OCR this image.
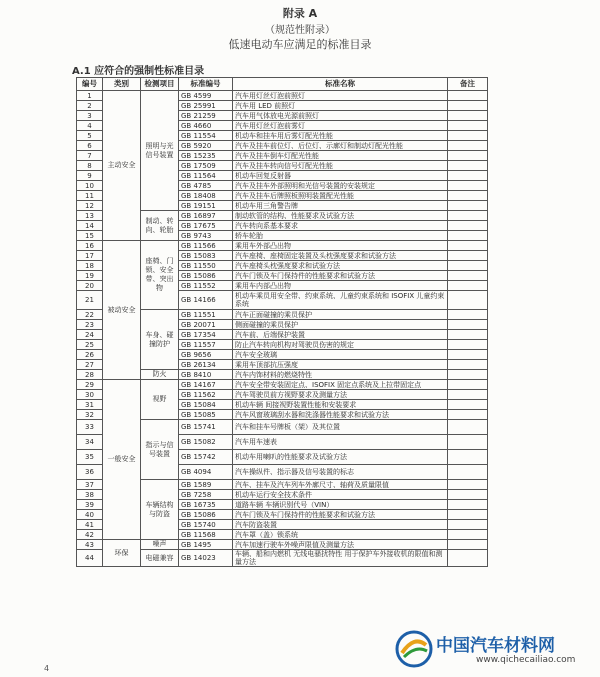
附录 A
（规范性附录）
低速电动车应满足的标准目录
A.1 应符合的强制性标准目录
编号	类别	检测项目	标准编号	标准名称	备注
1	主动安全	照明与光信号装置	GB 4599	汽车用灯丝灯泡前照灯	
2			GB 25991	汽车用 LED 前照灯	
3			GB 21259	汽车用气体放电光源前照灯	
4			GB 4660	汽车用灯丝灯泡前雾灯	
5			GB 11554	机动车和挂车用后雾灯配光性能	
6			GB 5920	汽车及挂车前位灯、后位灯、示廓灯和制动灯配光性能	
7			GB 15235	汽车及挂车倒车灯配光性能	
8			GB 17509	汽车及挂车转向信号灯配光性能	
9			GB 11564	机动车回复反射器	
10			GB 4785	汽车及挂车外部照明和光信号装置的安装规定	
11			GB 18408	汽车及挂车后牌照板照明装置配光性能	
12			GB 19151	机动车用三角警告牌	
13		制动、转向、轮胎	GB 16897	制动软管的结构、性能要求及试验方法	
14			GB 17675	汽车转向系基本要求	
15			GB 9743	轿车轮胎	
16	被动安全	座椅、门锁、安全带、突出物	GB 11566	乘用车外部凸出物	
17			GB 15083	汽车座椅、座椅固定装置及头枕强度要求和试验方法	
18			GB 11550	汽车座椅头枕强度要求和试验方法	
19			GB 15086	汽车门锁及车门保持件的性能要求和试验方法	
20			GB 11552	乘用车内部凸出物	
21			GB 14166	机动车乘员用安全带、约束系统、儿童约束系统和 ISOFIX 儿童约束系统	
22		车身、碰撞防护	GB 11551	汽车正面碰撞的乘员保护	
23			GB 20071	侧面碰撞的乘员保护	
24			GB 17354	汽车前、后端保护装置	
25			GB 11557	防止汽车转向机构对驾驶员伤害的规定	
26			GB 9656	汽车安全玻璃	
27			GB 26134	乘用车顶部抗压强度	
28		防火	GB 8410	汽车内饰材料的燃烧特性	
29	一般安全	视野	GB 14167	汽车安全带安装固定点、ISOFIX 固定点系统及上拉带固定点	
30			GB 11562	汽车驾驶员前方视野要求及测量方法	
31			GB 15084	机动车辆 间接视野装置性能和安装要求	
32			GB 15085	汽车风窗玻璃刮水器和洗涤器性能要求和试验方法	
33		指示与信号装置	GB 15741	汽车和挂车号牌板（架）及其位置	
34			GB 15082	汽车用车速表	
35			GB 15742	机动车用喇叭的性能要求及试验方法	
36			GB 4094	汽车操纵件、指示器及信号装置的标志	
37		车辆结构与防盗	GB 1589	汽车、挂车及汽车列车外廓尺寸、轴荷及质量限值	
38			GB 7258	机动车运行安全技术条件	
39			GB 16735	道路车辆 车辆识别代号（VIN）	
40			GB 15086	汽车门锁及车门保持件的性能要求和试验方法	
41			GB 15740	汽车防盗装置	
42			GB 11568	汽车罩（盖）锁系统	
43	环保	噪声	GB 1495	汽车加速行驶车外噪声限值及测量方法	
44		电磁兼容	GB 14023	车辆、船和内燃机 无线电骚扰特性 用于保护车外接收机的限值和测量方法	
4
中国汽车材料网
www.qichecailiao.com
